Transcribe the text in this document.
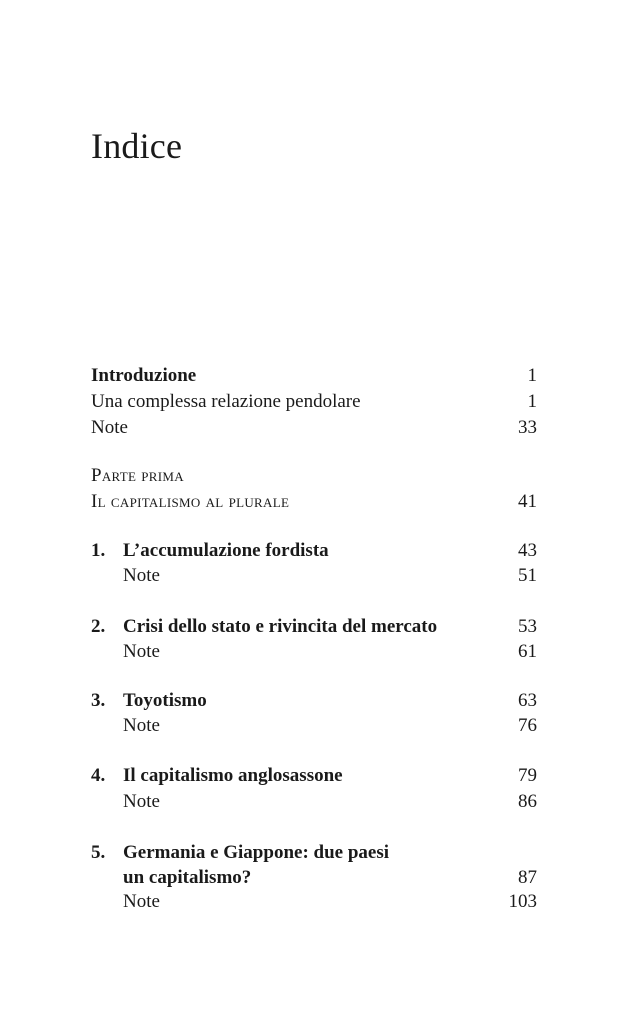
Indice
Introduzione	1
Una complessa relazione pendolare	1
Note	33
Parte prima
Il capitalismo al plurale	41
1. L’accumulazione fordista	43
Note	51
2. Crisi dello stato e rivincita del mercato	53
Note	61
3. Toyotismo	63
Note	76
4. Il capitalismo anglosassone	79
Note	86
5. Germania e Giappone: due paesi
un capitalismo?	87
Note	103
